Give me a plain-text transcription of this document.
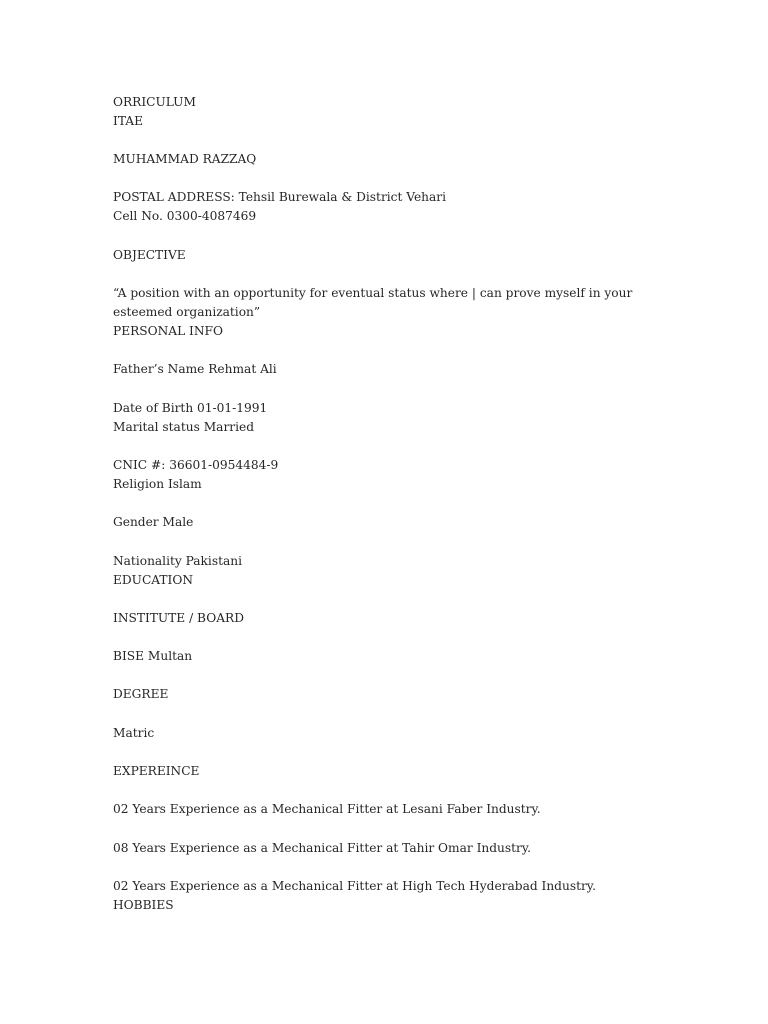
ORRICULUM

ITAE

MUHAMMAD RAZZAQ

POSTAL ADDRESS: Tehsil Burewala & District Vehari

Cell No. 0300-4087469

OBJECTIVE

“A position with an opportunity for eventual status where | can prove myself in your

esteemed organization”

PERSONAL INFO

Father’s Name Rehmat Ali

Date of Birth 01-01-1991

Marital status Married

CNIC #: 36601-0954484-9

Religion Islam

Gender Male

Nationality Pakistani

EDUCATION

INSTITUTE / BOARD

BISE Multan

DEGREE

Matric

EXPEREINCE

02 Years Experience as a Mechanical Fitter at Lesani Faber Industry.

08 Years Experience as a Mechanical Fitter at Tahir Omar Industry.

02 Years Experience as a Mechanical Fitter at High Tech Hyderabad Industry.

HOBBIES
